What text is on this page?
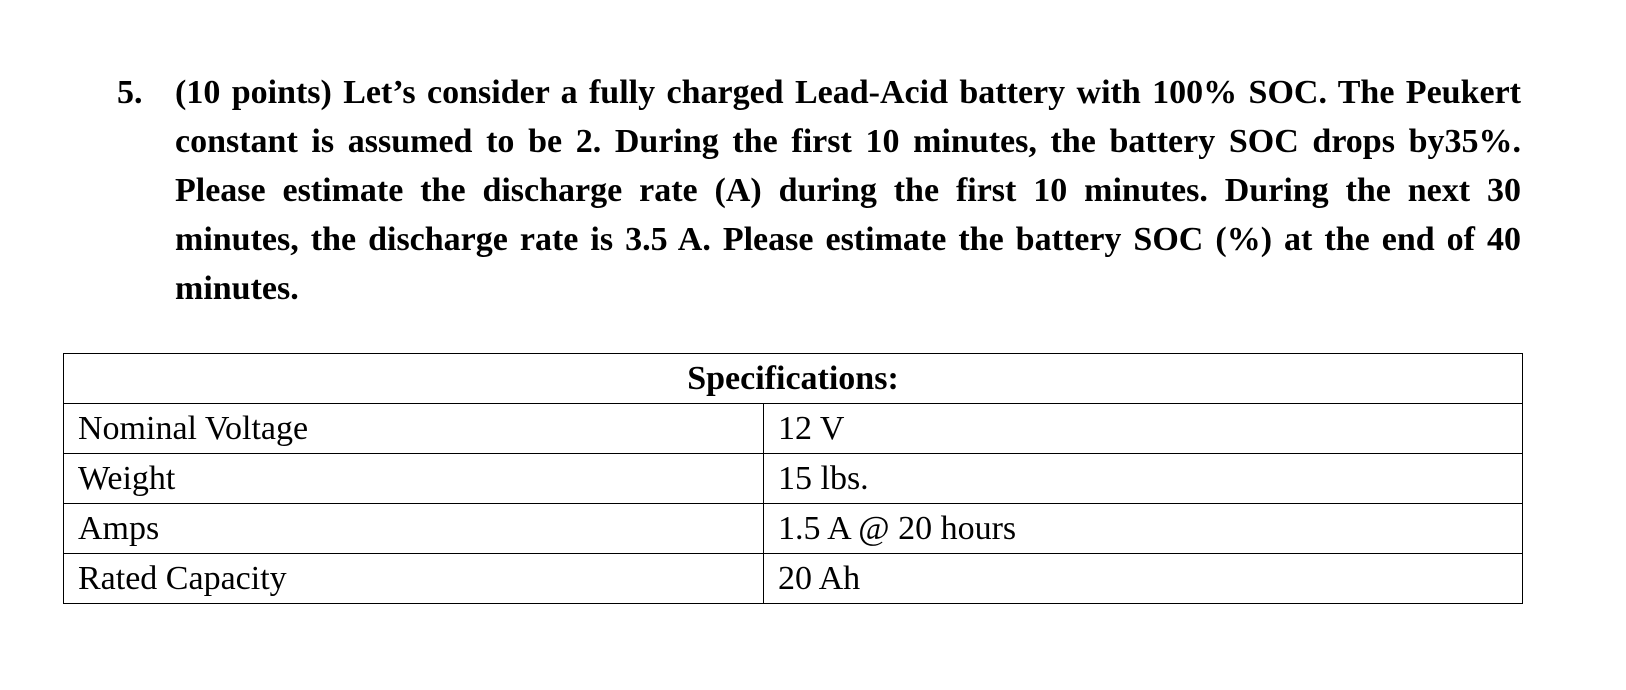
5. (10 points) Let’s consider a fully charged Lead-Acid battery with 100% SOC. The Peukert constant is assumed to be 2. During the first 10 minutes, the battery SOC drops by35%. Please estimate the discharge rate (A) during the first 10 minutes. During the next 30 minutes, the discharge rate is 3.5 A. Please estimate the battery SOC (%) at the end of 40 minutes.
Specifications:	
Nominal Voltage	12 V
Weight	15 lbs.
Amps	1.5 A @ 20 hours
Rated Capacity	20 Ah
